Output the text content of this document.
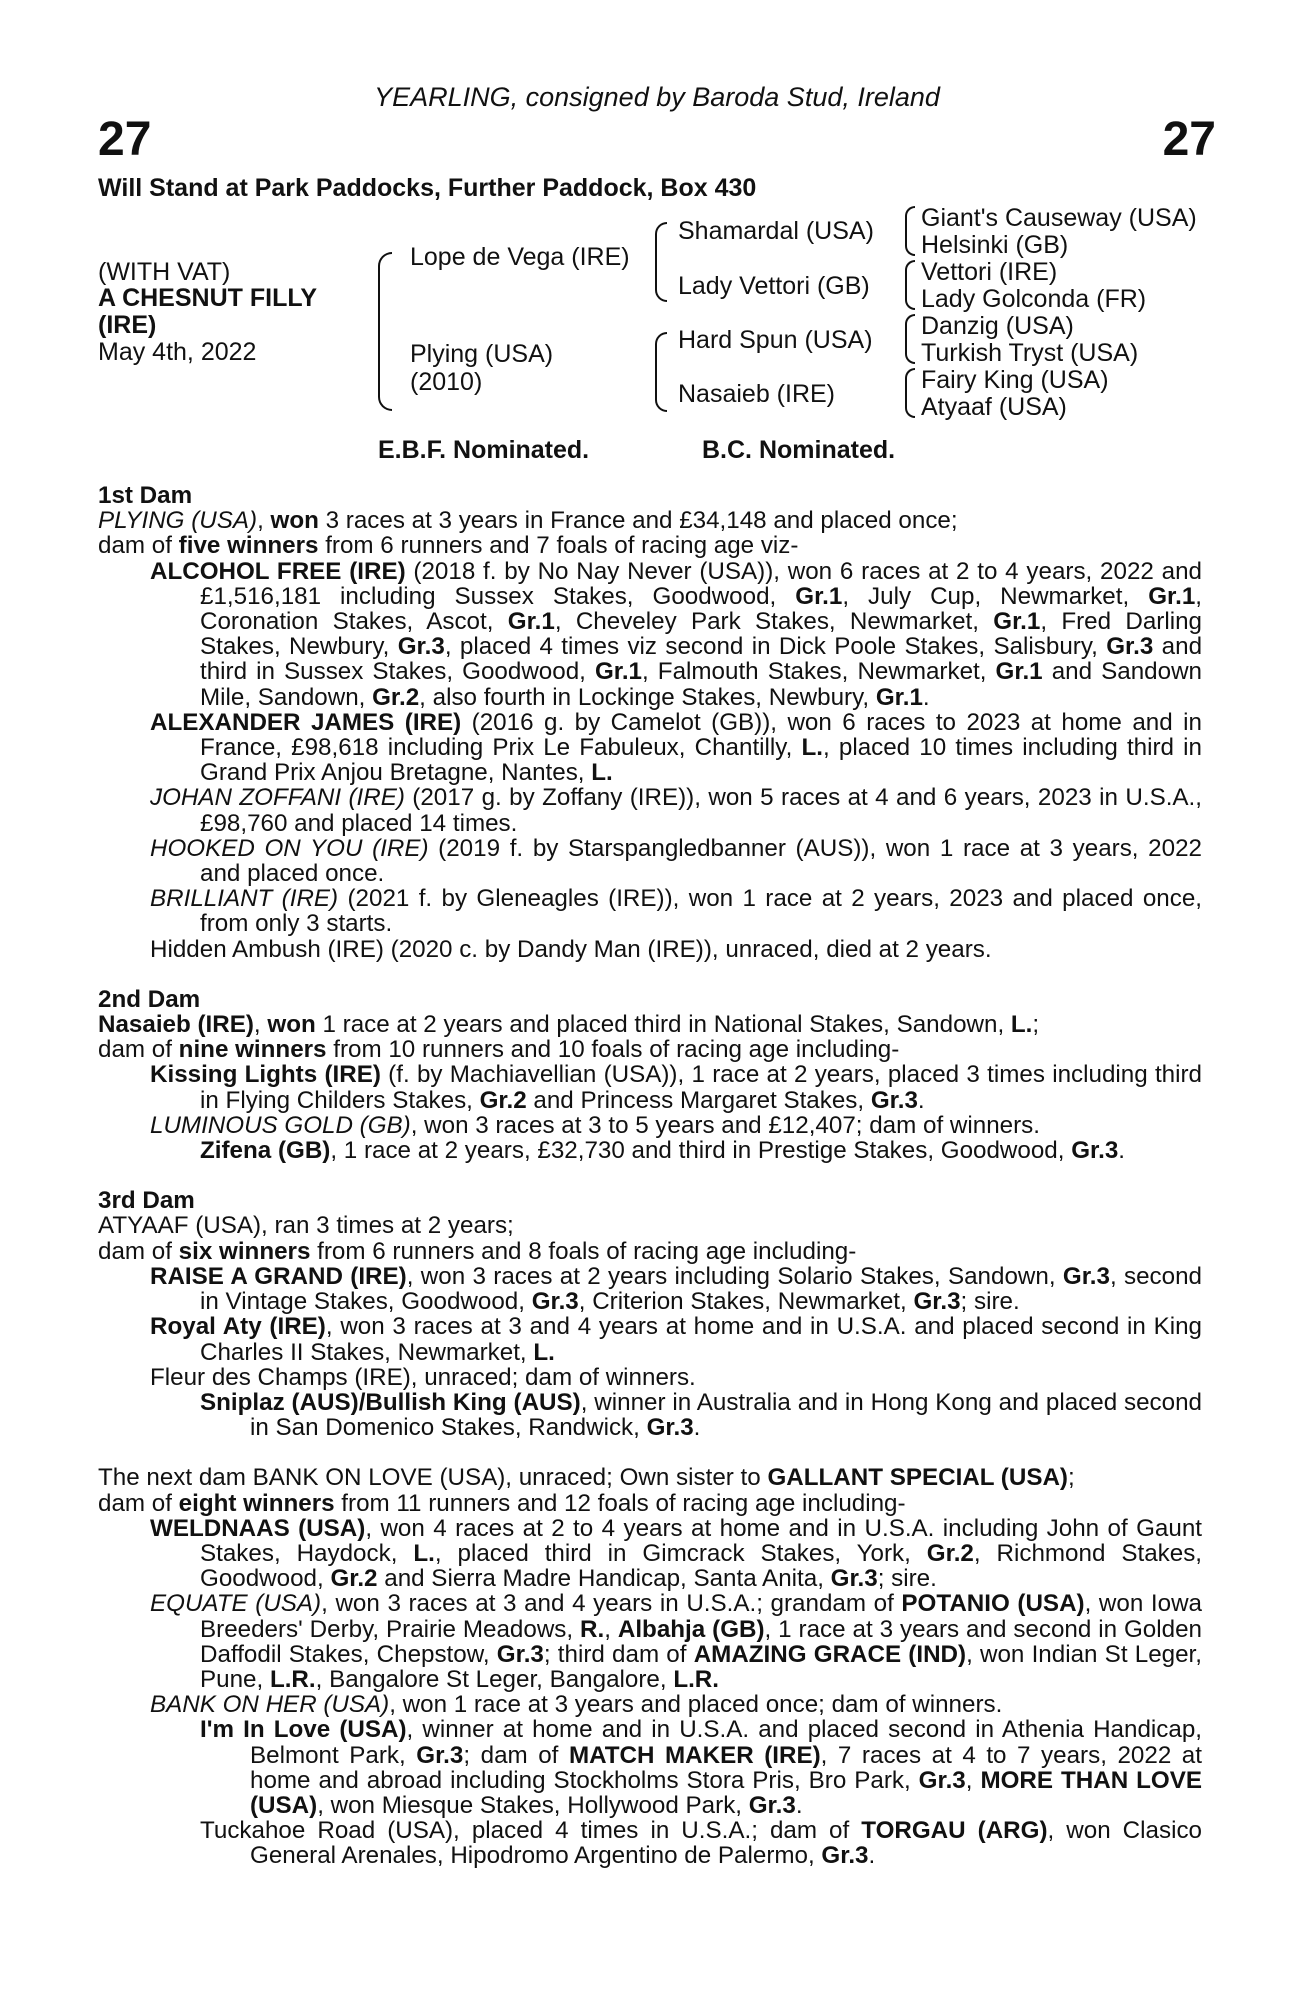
YEARLING, consigned by Baroda Stud, Ireland
27	27
Will Stand at Park Paddocks, Further Paddock, Box 430
(WITH VAT)
A CHESNUT FILLY
(IRE)
May 4th, 2022
Lope de Vega (IRE)
Plying (USA)
(2010)
Shamardal (USA)
Lady Vettori (GB)
Hard Spun (USA)
Nasaieb (IRE)
Giant's Causeway (USA)
Helsinki (GB)
Vettori (IRE)
Lady Golconda (FR)
Danzig (USA)
Turkish Tryst (USA)
Fairy King (USA)
Atyaaf (USA)
E.B.F. Nominated.	B.C. Nominated.

1st Dam

PLYING (USA), won 3 races at 3 years in France and £34,148 and placed once;

dam of five winners from 6 runners and 7 foals of racing age viz-

ALCOHOL FREE (IRE) (2018 f. by No Nay Never (USA)), won 6 races at 2 to 4 years, 2022 and £1,516,181 including Sussex Stakes, Goodwood, Gr.1, July Cup, Newmarket, Gr.1, Coronation Stakes, Ascot, Gr.1, Cheveley Park Stakes, Newmarket, Gr.1, Fred Darling Stakes, Newbury, Gr.3, placed 4 times viz second in Dick Poole Stakes, Salisbury, Gr.3 and third in Sussex Stakes, Goodwood, Gr.1, Falmouth Stakes, Newmarket, Gr.1 and Sandown Mile, Sandown, Gr.2, also fourth in Lockinge Stakes, Newbury, Gr.1.

ALEXANDER JAMES (IRE) (2016 g. by Camelot (GB)), won 6 races to 2023 at home and in France, £98,618 including Prix Le Fabuleux, Chantilly, L., placed 10 times including third in Grand Prix Anjou Bretagne, Nantes, L.

JOHAN ZOFFANI (IRE) (2017 g. by Zoffany (IRE)), won 5 races at 4 and 6 years, 2023 in U.S.A., £98,760 and placed 14 times.

HOOKED ON YOU (IRE) (2019 f. by Starspangledbanner (AUS)), won 1 race at 3 years, 2022 and placed once.

BRILLIANT (IRE) (2021 f. by Gleneagles (IRE)), won 1 race at 2 years, 2023 and placed once, from only 3 starts.

Hidden Ambush (IRE) (2020 c. by Dandy Man (IRE)), unraced, died at 2 years.

2nd Dam

Nasaieb (IRE), won 1 race at 2 years and placed third in National Stakes, Sandown, L.;

dam of nine winners from 10 runners and 10 foals of racing age including-

Kissing Lights (IRE) (f. by Machiavellian (USA)), 1 race at 2 years, placed 3 times including third in Flying Childers Stakes, Gr.2 and Princess Margaret Stakes, Gr.3.

LUMINOUS GOLD (GB), won 3 races at 3 to 5 years and £12,407; dam of winners.

Zifena (GB), 1 race at 2 years, £32,730 and third in Prestige Stakes, Goodwood, Gr.3.

3rd Dam

ATYAAF (USA), ran 3 times at 2 years;

dam of six winners from 6 runners and 8 foals of racing age including-

RAISE A GRAND (IRE), won 3 races at 2 years including Solario Stakes, Sandown, Gr.3, second in Vintage Stakes, Goodwood, Gr.3, Criterion Stakes, Newmarket, Gr.3; sire.

Royal Aty (IRE), won 3 races at 3 and 4 years at home and in U.S.A. and placed second in King Charles II Stakes, Newmarket, L.

Fleur des Champs (IRE), unraced; dam of winners.

Sniplaz (AUS)/Bullish King (AUS), winner in Australia and in Hong Kong and placed second in San Domenico Stakes, Randwick, Gr.3.

The next dam BANK ON LOVE (USA), unraced; Own sister to GALLANT SPECIAL (USA);

dam of eight winners from 11 runners and 12 foals of racing age including-

WELDNAAS (USA), won 4 races at 2 to 4 years at home and in U.S.A. including John of Gaunt Stakes, Haydock, L., placed third in Gimcrack Stakes, York, Gr.2, Richmond Stakes, Goodwood, Gr.2 and Sierra Madre Handicap, Santa Anita, Gr.3; sire.

EQUATE (USA), won 3 races at 3 and 4 years in U.S.A.; grandam of POTANIO (USA), won Iowa Breeders' Derby, Prairie Meadows, R., Albahja (GB), 1 race at 3 years and second in Golden Daffodil Stakes, Chepstow, Gr.3; third dam of AMAZING GRACE (IND), won Indian St Leger, Pune, L.R., Bangalore St Leger, Bangalore, L.R.

BANK ON HER (USA), won 1 race at 3 years and placed once; dam of winners.

I'm In Love (USA), winner at home and in U.S.A. and placed second in Athenia Handicap, Belmont Park, Gr.3; dam of MATCH MAKER (IRE), 7 races at 4 to 7 years, 2022 at home and abroad including Stockholms Stora Pris, Bro Park, Gr.3, MORE THAN LOVE (USA), won Miesque Stakes, Hollywood Park, Gr.3.

Tuckahoe Road (USA), placed 4 times in U.S.A.; dam of TORGAU (ARG), won Clasico General Arenales, Hipodromo Argentino de Palermo, Gr.3.
